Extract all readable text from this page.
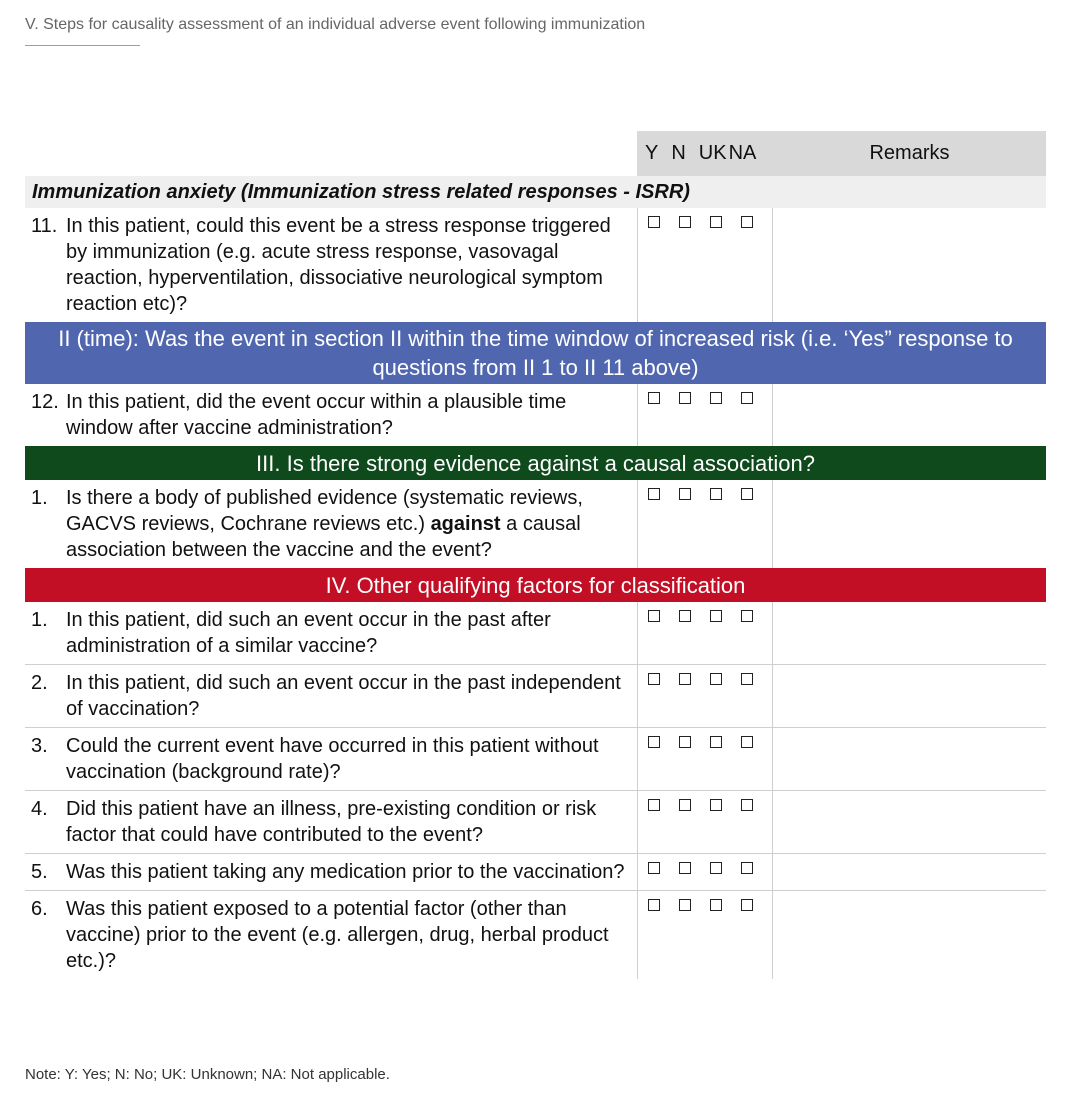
V. Steps for causality assessment of an individual adverse event following immunization
Y N UK NA	Remarks
Immunization anxiety (Immunization stress related responses - ISRR)
11. In this patient, could this event be a stress response triggered by immunization (e.g. acute stress response, vasovagal reaction, hyperventilation, dissociative neurological symptom reaction etc)?
II (time): Was the event in section II within the time window of increased risk (i.e. ‘Yes” response to questions from II 1 to II 11 above)
12. In this patient, did the event occur within a plausible time window after vaccine administration?
III. Is there strong evidence against a causal association?
1. Is there a body of published evidence (systematic reviews, GACVS reviews, Cochrane reviews etc.) against a causal association between the vaccine and the event?
IV. Other qualifying factors for classification
1. In this patient, did such an event occur in the past after administration of a similar vaccine?
2. In this patient, did such an event occur in the past independent of vaccination?
3. Could the current event have occurred in this patient without vaccination (background rate)?
4. Did this patient have an illness, pre-existing condition or risk factor that could have contributed to the event?
5. Was this patient taking any medication prior to the vaccination?
6. Was this patient exposed to a potential factor (other than vaccine) prior to the event (e.g. allergen, drug, herbal product etc.)?
Note: Y: Yes; N: No; UK: Unknown; NA: Not applicable.
